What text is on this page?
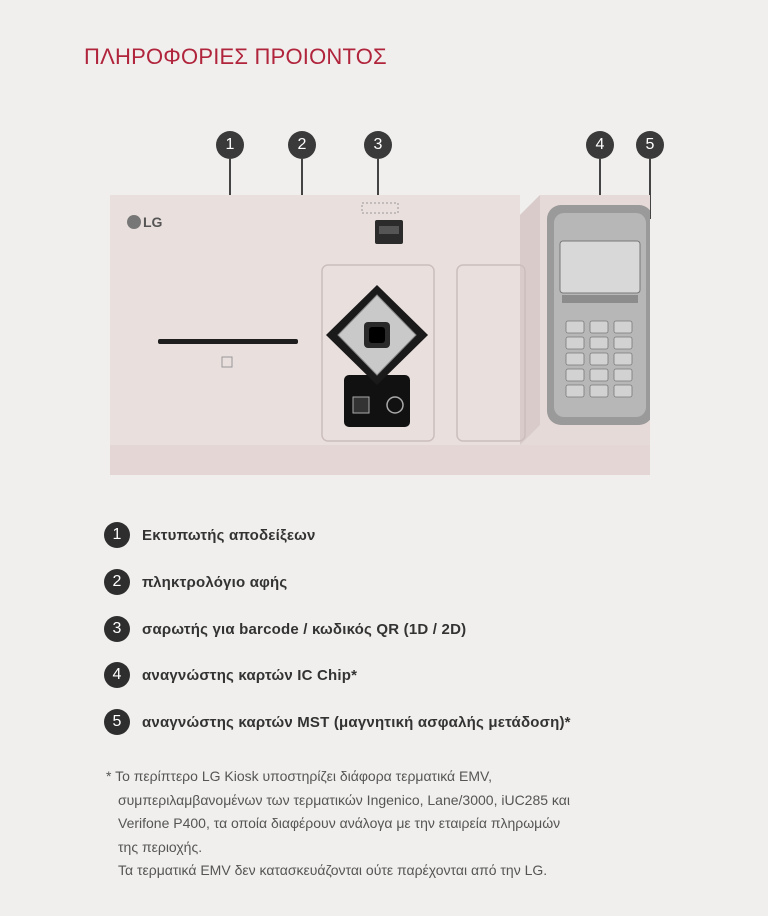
ΠΛΗΡΟΦΟΡΙΕΣ ΠΡΟΙΟΝΤΟΣ
1	2	3	4	5
LG
1	Εκτυπωτής αποδείξεων
2	πληκτρολόγιο αφής
3	σαρωτής για barcode / κωδικός QR (1D / 2D)
4	αναγνώστης καρτών IC Chip*
5	αναγνώστης καρτών MST (μαγνητική ασφαλής μετάδοση)*
* Το περίπτερο LG Kiosk υποστηρίζει διάφορα τερματικά EMV,
συμπεριλαμβανομένων των τερματικών Ingenico, Lane/3000, iUC285 και
Verifone P400, τα οποία διαφέρουν ανάλογα με την εταιρεία πληρωμών
της περιοχής.
Τα τερματικά EMV δεν κατασκευάζονται ούτε παρέχονται από την LG.
